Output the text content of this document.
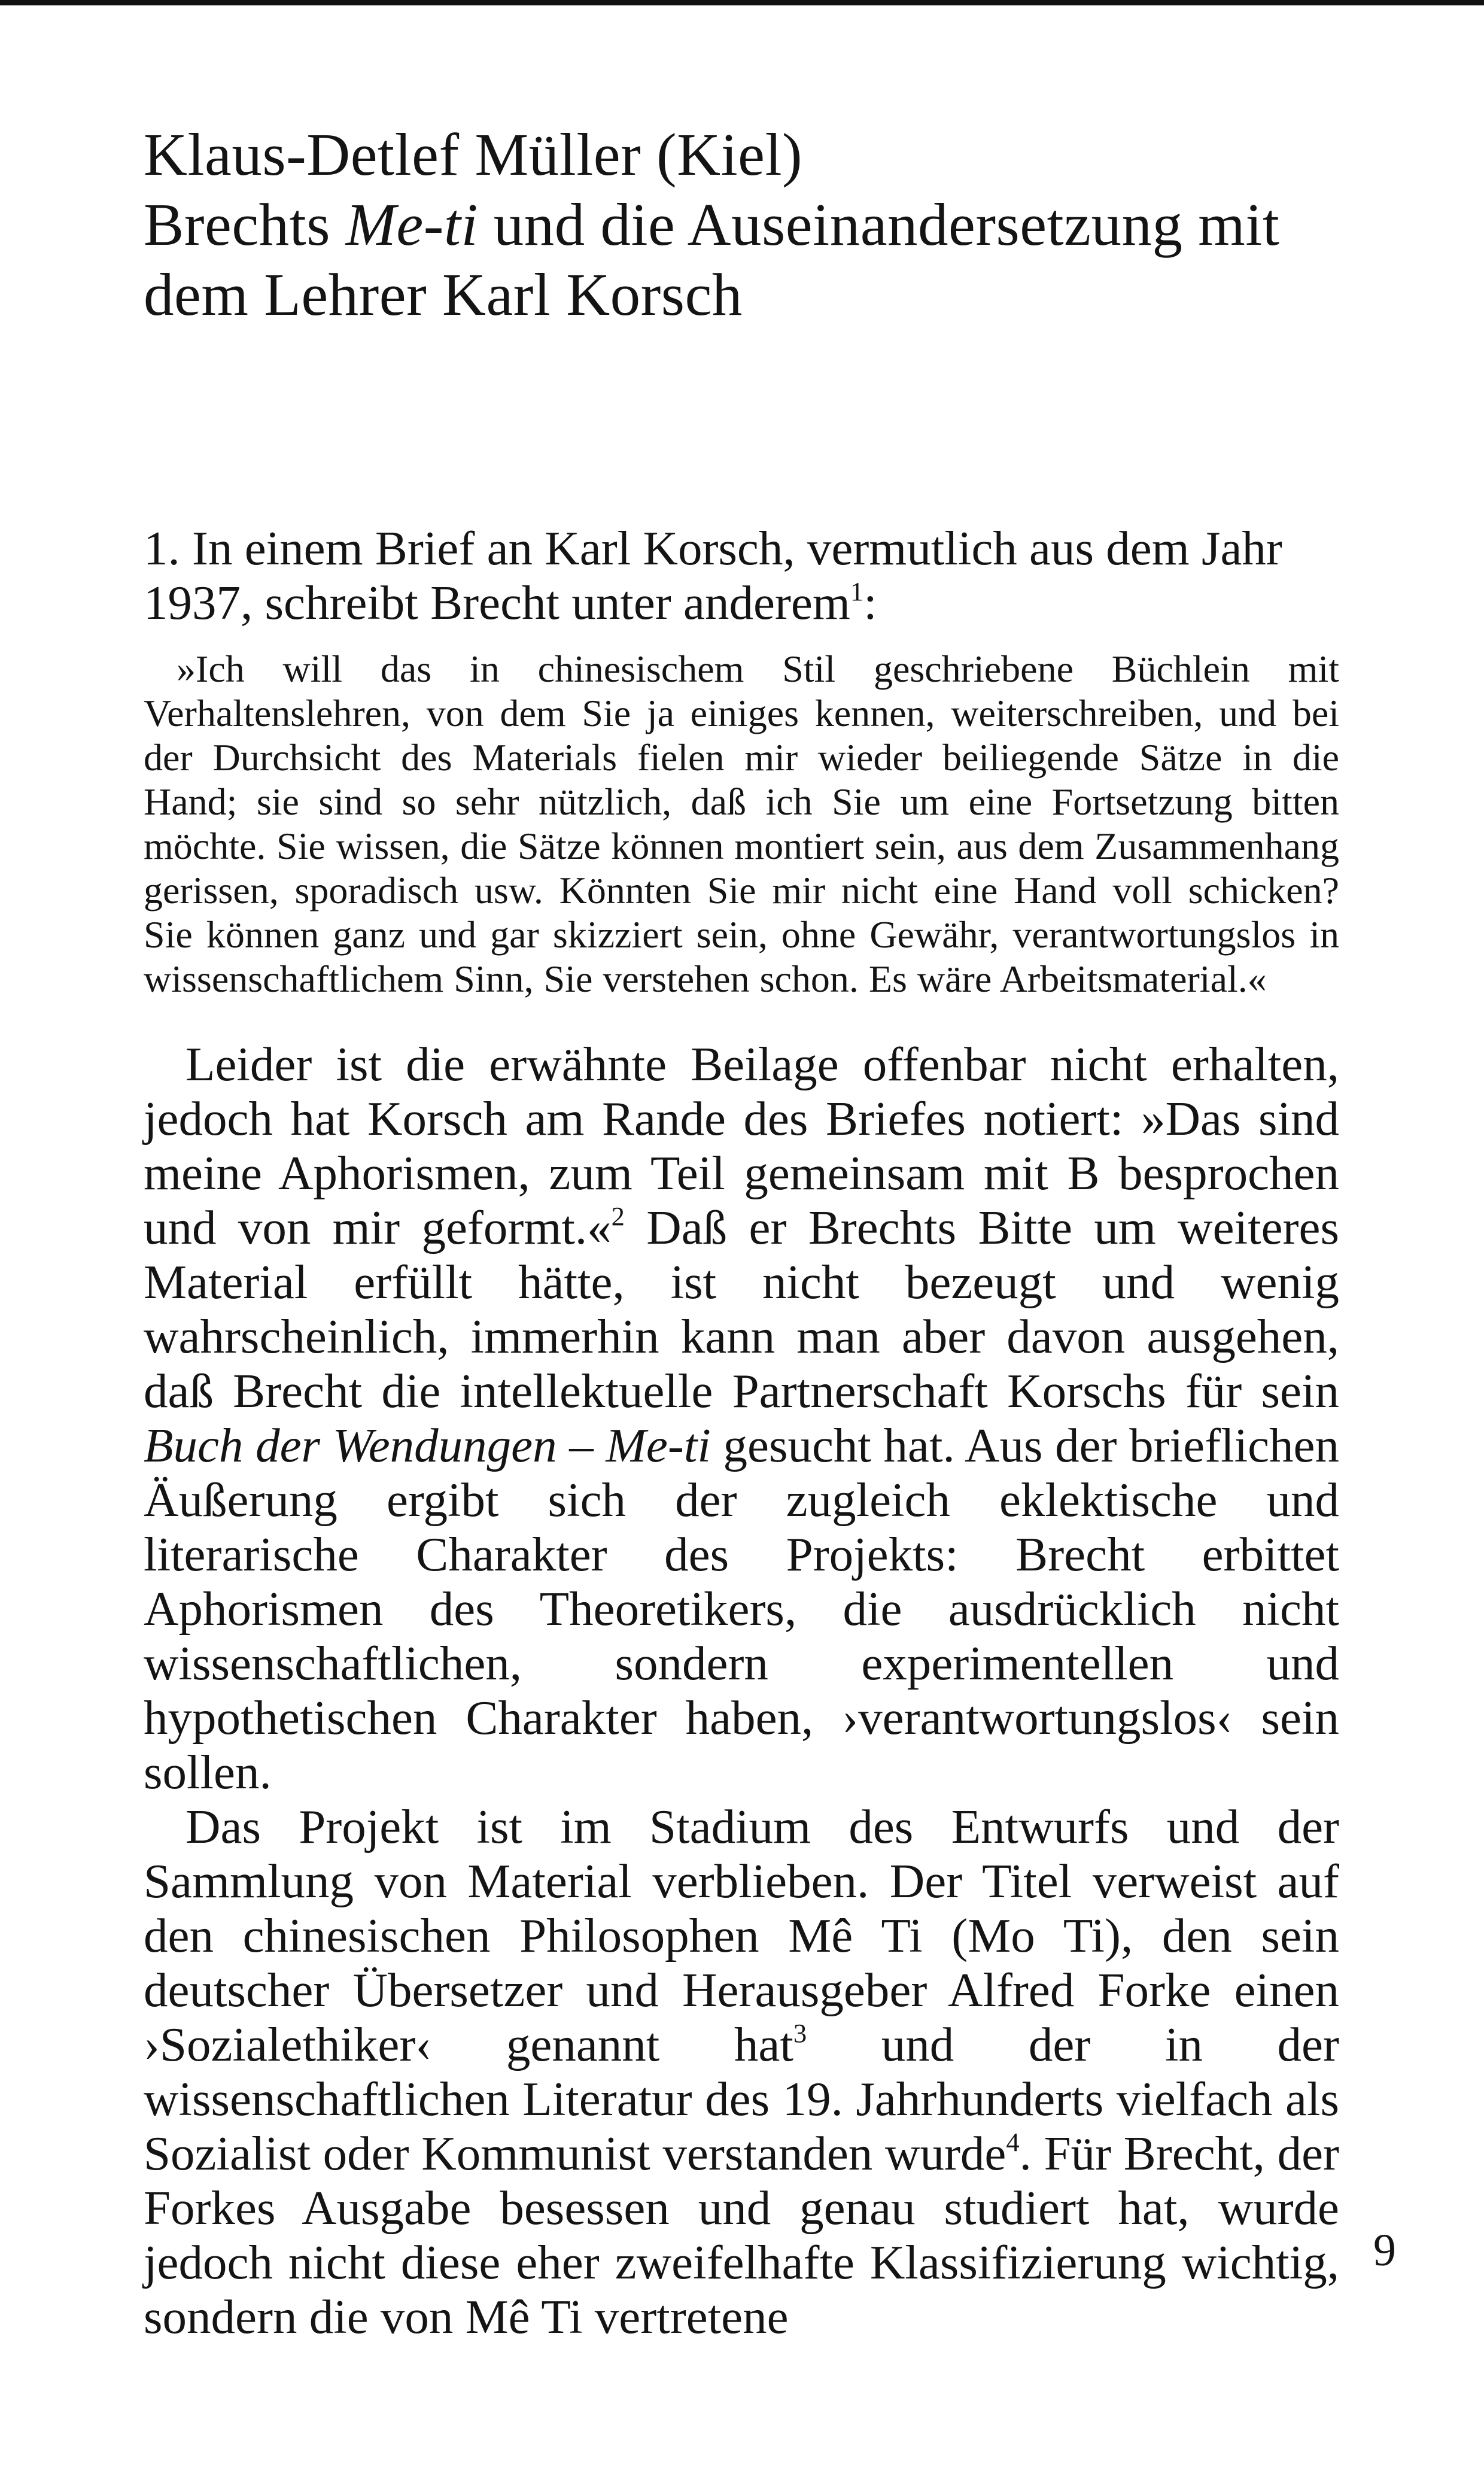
Klaus-Detlef Müller (Kiel)
Brechts Me-ti und die Auseinandersetzung mit
dem Lehrer Karl Korsch

1. In einem Brief an Karl Korsch, vermutlich aus dem Jahr 1937, schreibt Brecht unter anderem$^1$:

»Ich will das in chinesischem Stil geschriebene Büchlein mit Verhaltenslehren, von dem Sie ja einiges kennen, weiterschreiben, und bei der Durchsicht des Materials fielen mir wieder beiliegende Sätze in die Hand; sie sind so sehr nützlich, daß ich Sie um eine Fortsetzung bitten möchte. Sie wissen, die Sätze können montiert sein, aus dem Zusammenhang gerissen, sporadisch usw. Könnten Sie mir nicht eine Hand voll schicken? Sie können ganz und gar skizziert sein, ohne Gewähr, verantwortungslos in wissenschaftlichem Sinn, Sie verstehen schon. Es wäre Arbeitsmaterial.«

Leider ist die erwähnte Beilage offenbar nicht erhalten, jedoch hat Korsch am Rande des Briefes notiert: »Das sind meine Aphorismen, zum Teil gemeinsam mit B besprochen und von mir geformt.«$^2$ Daß er Brechts Bitte um weiteres Material erfüllt hätte, ist nicht bezeugt und wenig wahrscheinlich, immerhin kann man aber davon ausgehen, daß Brecht die intellektuelle Partnerschaft Korschs für sein Buch der Wendungen – Me-ti gesucht hat. Aus der brieflichen Äußerung ergibt sich der zugleich eklektische und literarische Charakter des Projekts: Brecht erbittet Aphorismen des Theoretikers, die ausdrücklich nicht wissenschaftlichen, sondern experimentellen und hypothetischen Charakter haben, ›verantwortungslos‹ sein sollen.

Das Projekt ist im Stadium des Entwurfs und der Sammlung von Material verblieben. Der Titel verweist auf den chinesischen Philosophen Mê Ti (Mo Ti), den sein deutscher Übersetzer und Herausgeber Alfred Forke einen ›Sozialethiker‹ genannt hat$^3$ und der in der wissenschaftlichen Literatur des 19. Jahrhunderts vielfach als Sozialist oder Kommunist verstanden wurde$^4$. Für Brecht, der Forkes Ausgabe besessen und genau studiert hat, wurde jedoch nicht diese eher zweifelhafte Klassifizierung wichtig, sondern die von Mê Ti vertretene

9
